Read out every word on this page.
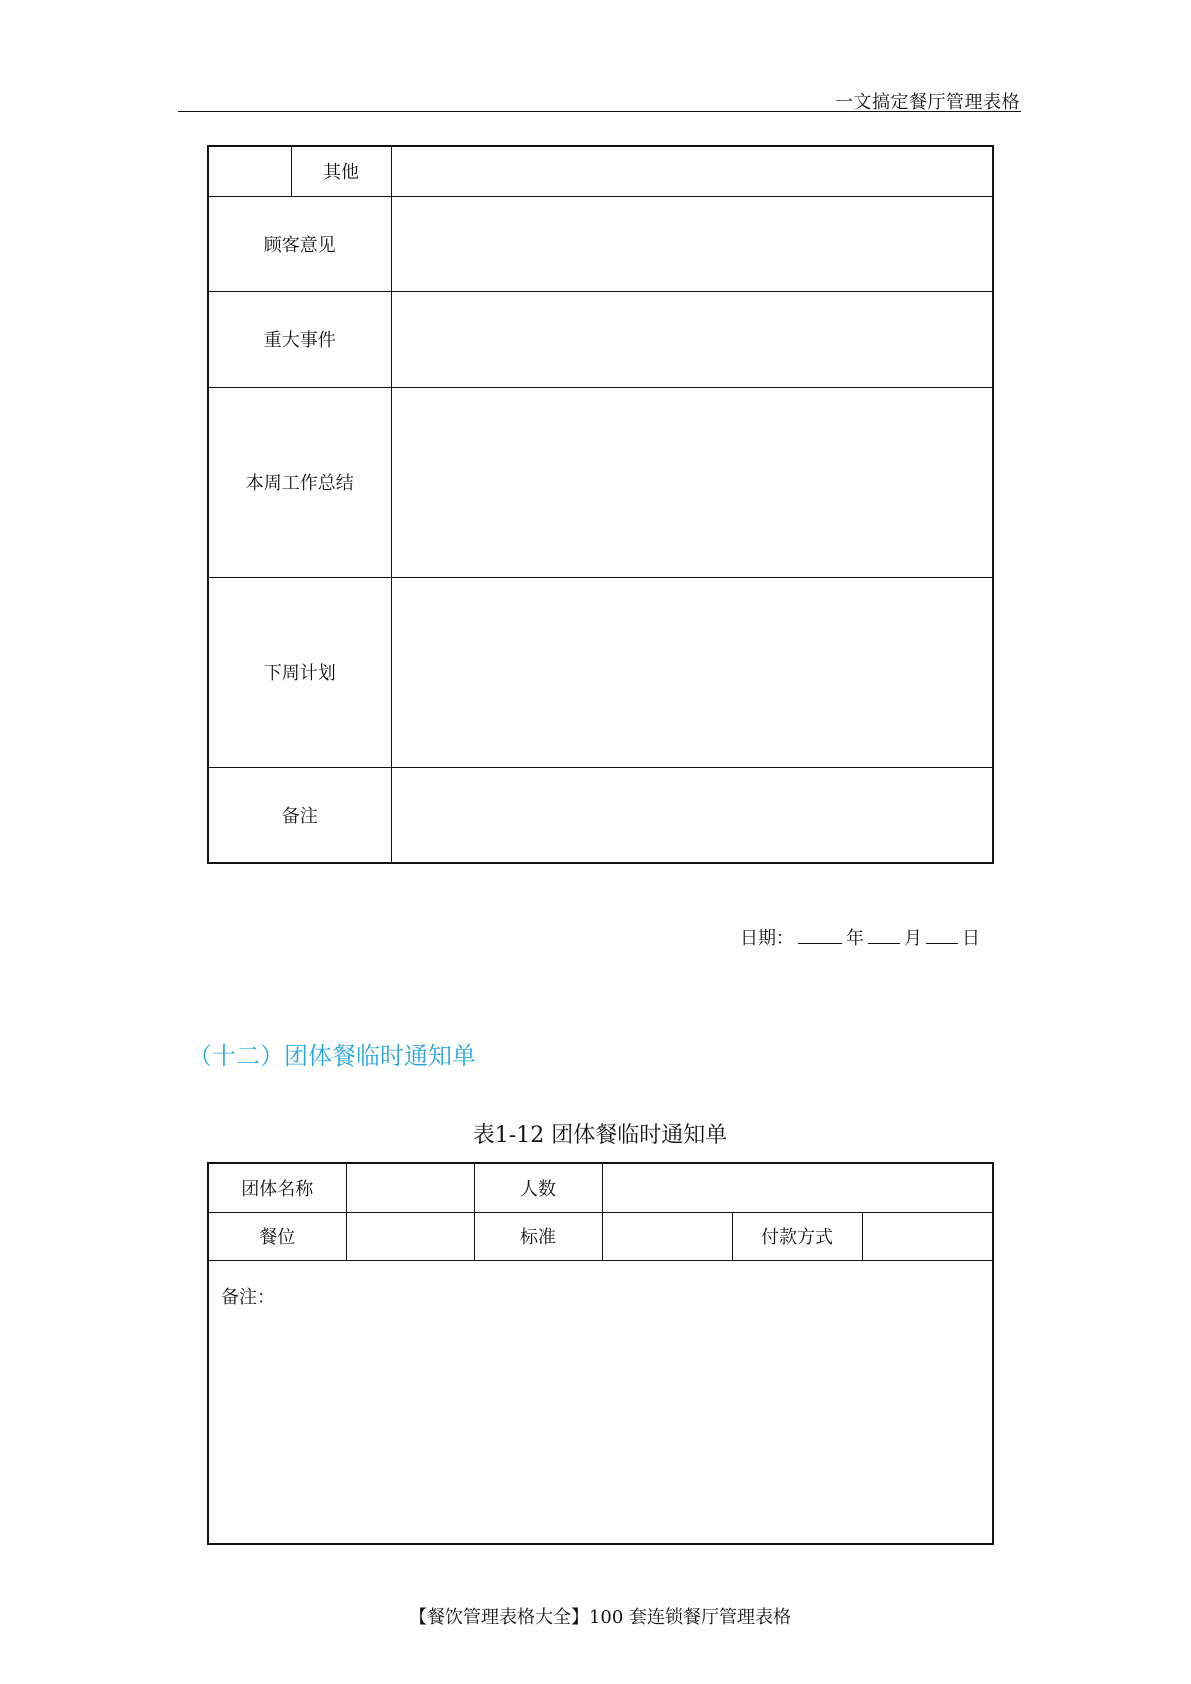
一文搞定餐厅管理表格
	其他	
顾客意见		
重大事件		
本周工作总结		
下周计划		
备注		
日期：	年 月 日
（十二）团体餐临时通知单
表1-12 团体餐临时通知单
团体名称		人数			
餐位		标准		付款方式	

备注：					
【餐饮管理表格大全】100 套连锁餐厅管理表格
